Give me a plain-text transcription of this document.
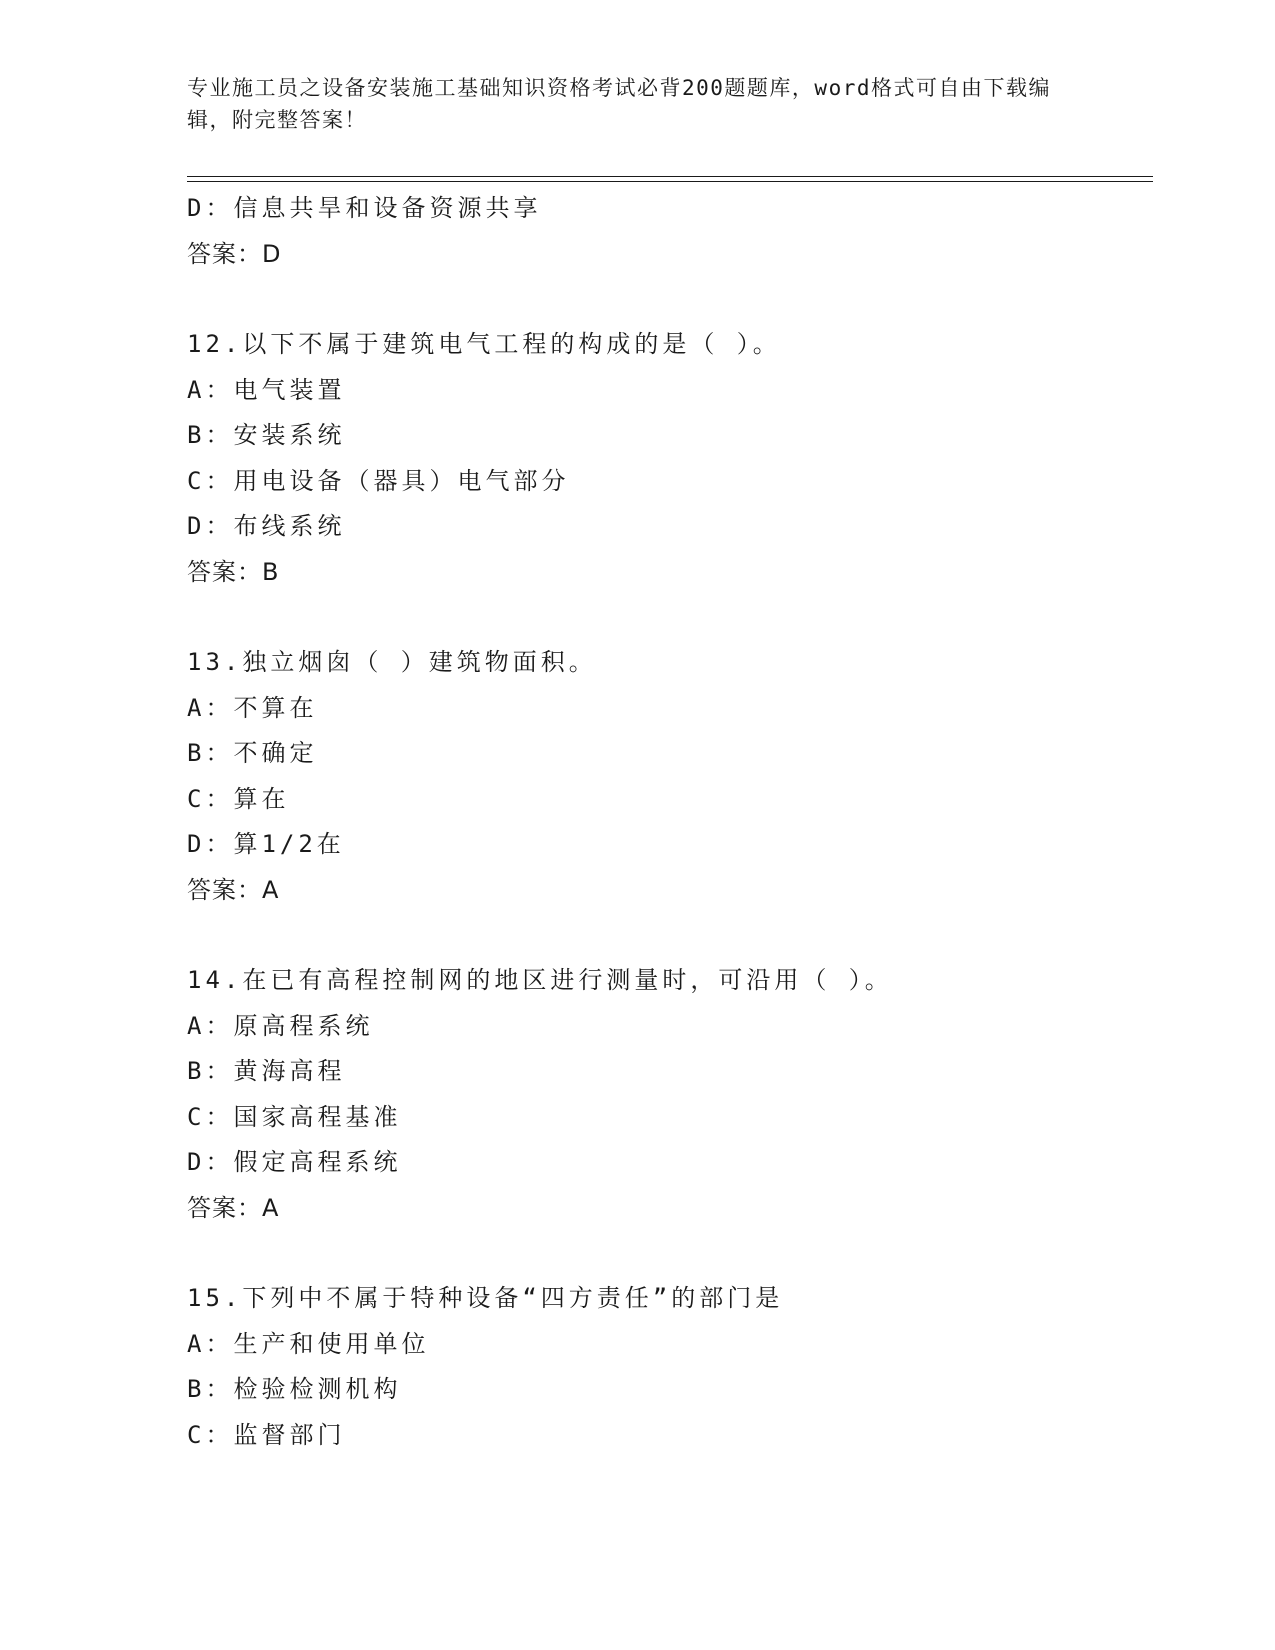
专业施工员之设备安装施工基础知识资格考试必背200题题库，word格式可自由下载编辑，附完整答案！

D：信息共旱和设备资源共享
答案：D
12.以下不属于建筑电气工程的构成的是（ ）。
A：电气装置
B：安装系统
C：用电设备（器具）电气部分
D：布线系统
答案：B
13.独立烟囱（ ）建筑物面积。
A：不算在
B：不确定
C：算在
D：算1/2在
答案：A
14.在已有高程控制网的地区进行测量时，可沿用（ ）。
A：原高程系统
B：黄海高程
C：国家高程基准
D：假定高程系统
答案：A
15.下列中不属于特种设备“四方责任”的部门是
A：生产和使用单位
B：检验检测机构
C：监督部门
